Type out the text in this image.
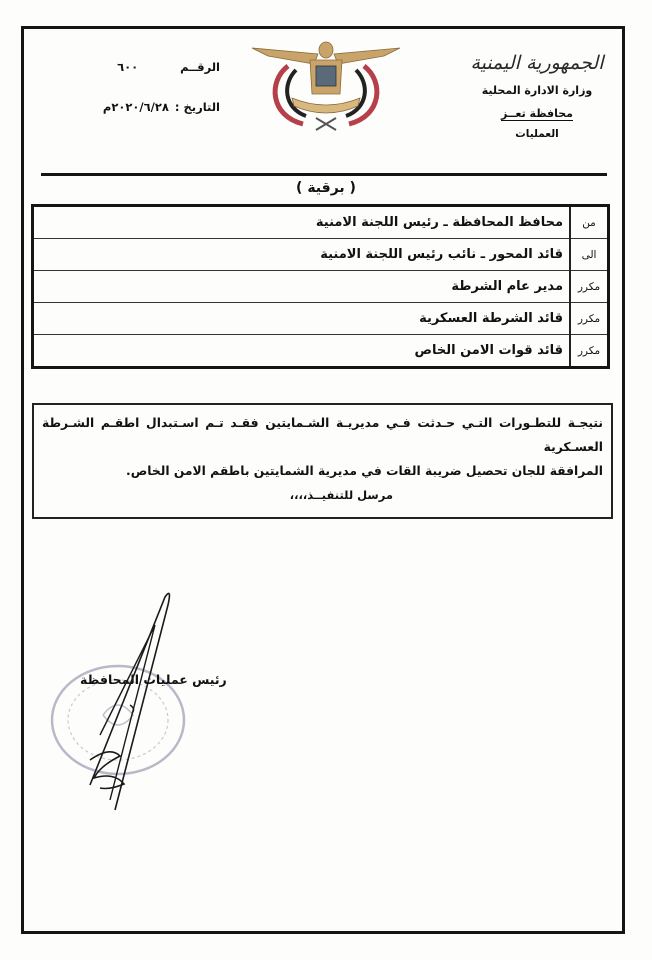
الجمهورية اليمنية
وزارة الادارة المحلية
محافظة تعــز
العمليات
الرقــم
٦٠٠
التاريخ :
٢٠٢٠/٦/٢٨م
( برقية )
من	محافظ المحافظة ـ رئيس اللجنة الامنية
الى	قائد المحور ـ نائب رئيس اللجنة الامنية
مكرر	مدير عام الشرطة
مكرر	قائد الشرطة العسكرية
مكرر	قائد قوات الامن الخاص
نتيجـة للتطـورات التـي حـدثت فـي مديريـة الشـمايتين فقـد تـم اسـتبدال اطقـم الشـرطة العسـكرية
المرافقة للجان تحصيل ضريبة القات في مديرية الشمايتين باطقم الامن الخاص.
مرسل للتنفيــذ،،،،
رئيس عمليات المحافظة
